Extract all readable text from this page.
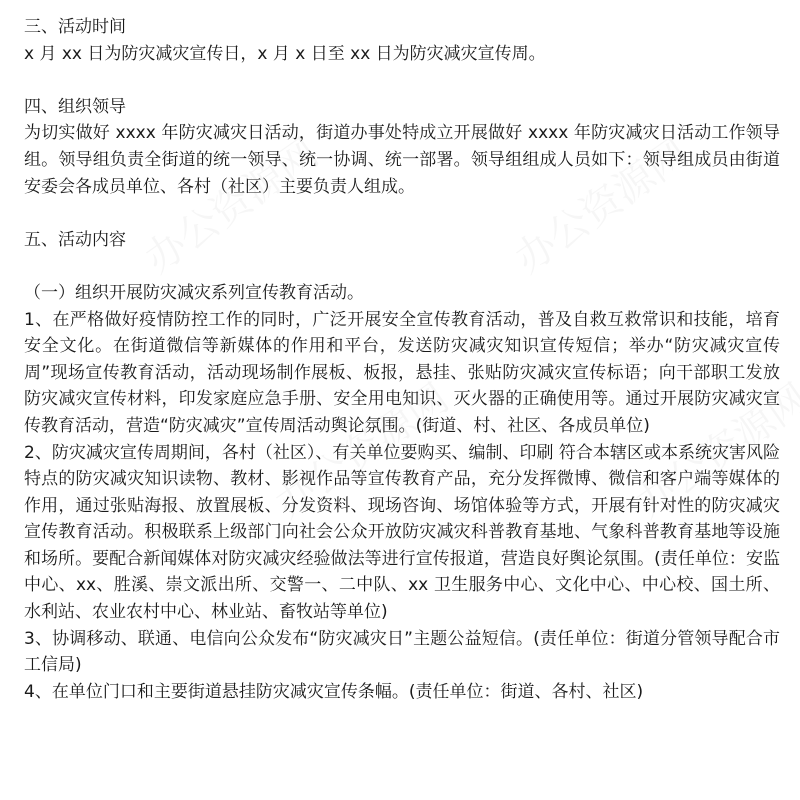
三、活动时间

x 月 xx 日为防灾减灾宣传日，x 月 x 日至 xx 日为防灾减灾宣传周。

四、组织领导

为切实做好 xxxx 年防灾减灾日活动，街道办事处特成立开展做好 xxxx 年防灾减灾日活动工作领导组。领导组负责全街道的统一领导、统一协调、统一部署。领导组组成人员如下：领导组成员由街道安委会各成员单位、各村（社区）主要负责人组成。

五、活动内容

（一）组织开展防灾减灾系列宣传教育活动。

1、在严格做好疫情防控工作的同时，广泛开展安全宣传教育活动，普及自救互救常识和技能，培育安全文化。在街道微信等新媒体的作用和平台，发送防灾减灾知识宣传短信；举办“防灾减灾宣传周”现场宣传教育活动，活动现场制作展板、板报，悬挂、张贴防灾减灾宣传标语；向干部职工发放防灾减灾宣传材料，印发家庭应急手册、安全用电知识、灭火器的正确使用等。通过开展防灾减灾宣传教育活动，营造“防灾减灾”宣传周活动舆论氛围。(街道、村、社区、各成员单位)

2、防灾减灾宣传周期间，各村（社区）、有关单位要购买、编制、印刷 符合本辖区或本系统灾害风险特点的防灾减灾知识读物、教材、影视作品等宣传教育产品，充分发挥微博、微信和客户端等媒体的作用，通过张贴海报、放置展板、分发资料、现场咨询、场馆体验等方式，开展有针对性的防灾减灾宣传教育活动。积极联系上级部门向社会公众开放防灾减灾科普教育基地、气象科普教育基地等设施和场所。要配合新闻媒体对防灾减灾经验做法等进行宣传报道，营造良好舆论氛围。(责任单位：安监中心、xx、胜溪、崇文派出所、交警一、二中队、xx 卫生服务中心、文化中心、中心校、国土所、水利站、农业农村中心、林业站、畜牧站等单位)

3、协调移动、联通、电信向公众发布“防灾减灾日”主题公益短信。(责任单位：街道分管领导配合市工信局)

4、在单位门口和主要街道悬挂防灾减灾宣传条幅。(责任单位：街道、各村、社区)
